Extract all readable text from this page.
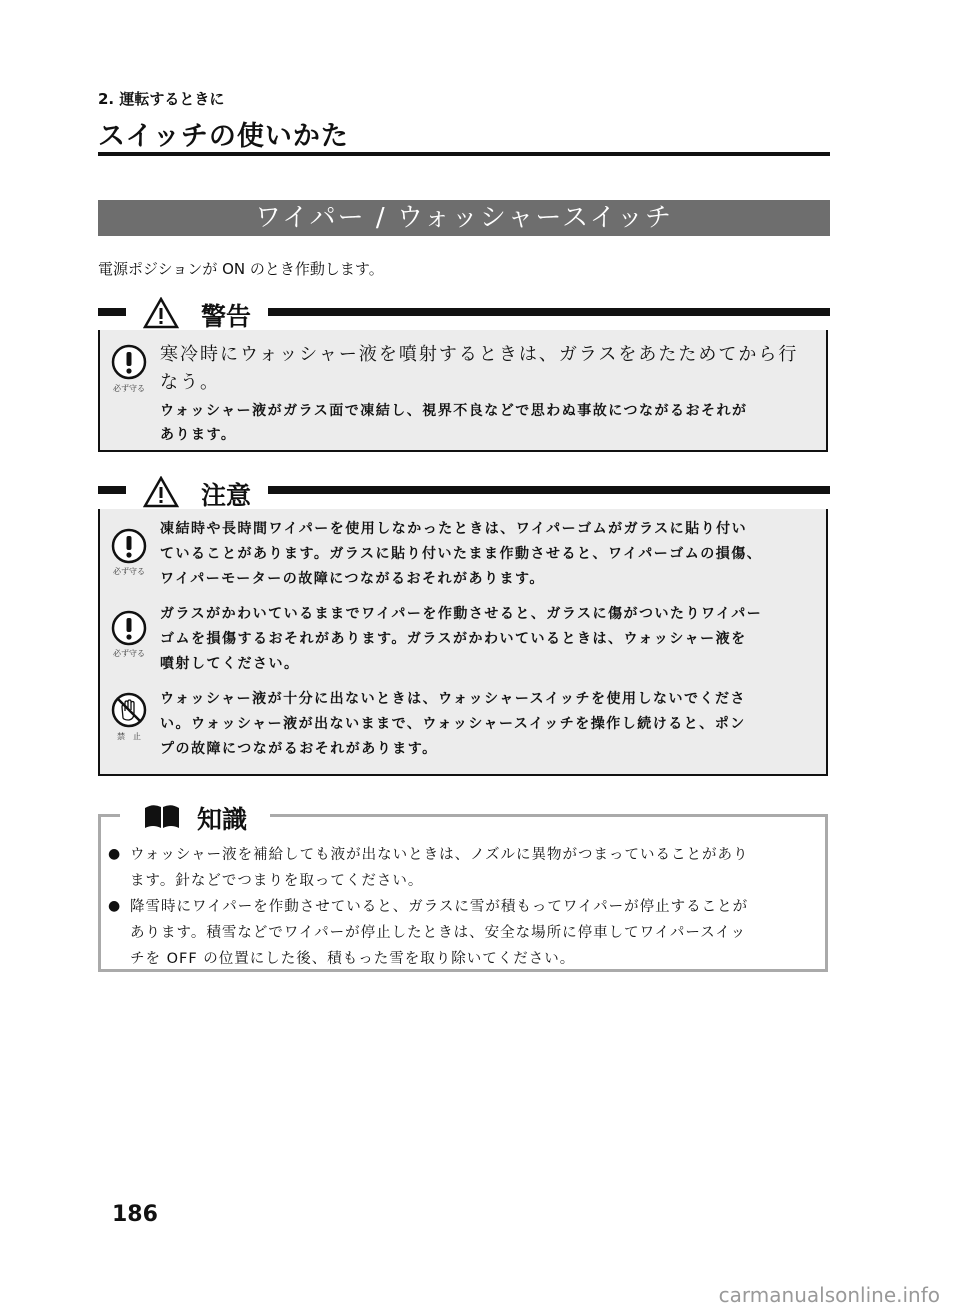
2. 運転するときに
スイッチの使いかた
ワイパー / ウォッシャースイッチ
電源ポジションが ON のとき作動します。
警告
必ず守る
寒冷時にウォッシャー液を噴射するときは、ガラスをあたためてから行
なう。
ウォッシャー液がガラス面で凍結し、視界不良などで思わぬ事故につながるおそれが
あります。
注意
必ず守る
凍結時や長時間ワイパーを使用しなかったときは、ワイパーゴムがガラスに貼り付い
ていることがあります。ガラスに貼り付いたまま作動させると、ワイパーゴムの損傷、
ワイパーモーターの故障につながるおそれがあります。
必ず守る
ガラスがかわいているままでワイパーを作動させると、ガラスに傷がついたりワイパー
ゴムを損傷するおそれがあります。ガラスがかわいているときは、ウォッシャー液を
噴射してください。
禁　止
ウォッシャー液が十分に出ないときは、ウォッシャースイッチを使用しないでくださ
い。ウォッシャー液が出ないままで、ウォッシャースイッチを操作し続けると、ポン
プの故障につながるおそれがあります。
知識
● ウォッシャー液を補給しても液が出ないときは、ノズルに異物がつまっていることがあり
ます。針などでつまりを取ってください。
● 降雪時にワイパーを作動させていると、ガラスに雪が積もってワイパーが停止することが
あります。積雪などでワイパーが停止したときは、安全な場所に停車してワイパースイッ
チを OFF の位置にした後、積もった雪を取り除いてください。
186
carmanualsonline.info
